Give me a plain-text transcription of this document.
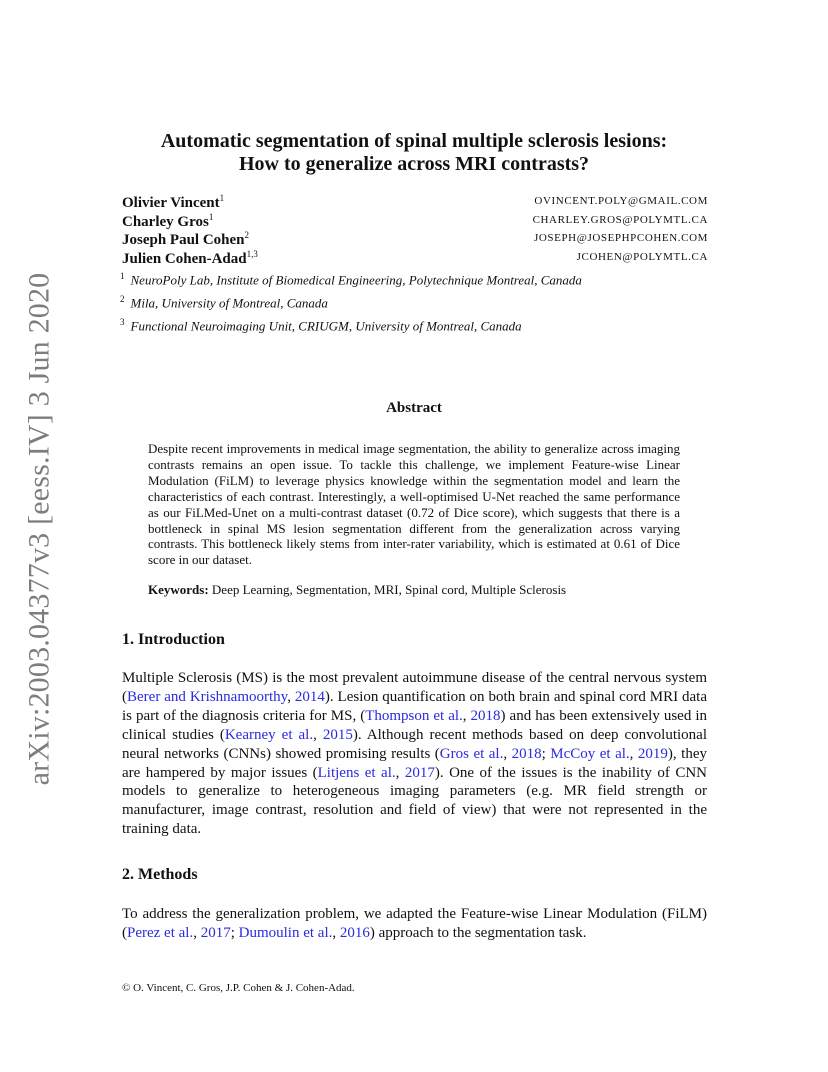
arXiv:2003.04377v3 [eess.IV] 3 Jun 2020
Automatic segmentation of spinal multiple sclerosis lesions:
How to generalize across MRI contrasts?
Olivier Vincent$^1$	OVINCENT.POLY@GMAIL.COM
Charley Gros$^1$	CHARLEY.GROS@POLYMTL.CA
Joseph Paul Cohen$^2$	JOSEPH@JOSEPHPCOHEN.COM
Julien Cohen-Adad$^{1,3}$	JCOHEN@POLYMTL.CA
$^1$ NeuroPoly Lab, Institute of Biomedical Engineering, Polytechnique Montreal, Canada
$^2$ Mila, University of Montreal, Canada
$^3$ Functional Neuroimaging Unit, CRIUGM, University of Montreal, Canada
Abstract

Despite recent improvements in medical image segmentation, the ability to generalize across imaging contrasts remains an open issue. To tackle this challenge, we implement Feature-wise Linear Modulation (FiLM) to leverage physics knowledge within the segmentation model and learn the characteristics of each contrast. Interestingly, a well-optimised U-Net reached the same performance as our FiLMed-Unet on a multi-contrast dataset (0.72 of Dice score), which suggests that there is a bottleneck in spinal MS lesion segmentation different from the generalization across varying contrasts. This bottleneck likely stems from inter-rater variability, which is estimated at 0.61 of Dice score in our dataset.

Keywords: Deep Learning, Segmentation, MRI, Spinal cord, Multiple Sclerosis
1. Introduction

Multiple Sclerosis (MS) is the most prevalent autoimmune disease of the central nervous system (Berer and Krishnamoorthy, 2014). Lesion quantification on both brain and spinal cord MRI data is part of the diagnosis criteria for MS, (Thompson et al., 2018) and has been extensively used in clinical studies (Kearney et al., 2015). Although recent methods based on deep convolutional neural networks (CNNs) showed promising results (Gros et al., 2018; McCoy et al., 2019), they are hampered by major issues (Litjens et al., 2017). One of the issues is the inability of CNN models to generalize to heterogeneous imaging parameters (e.g. MR field strength or manufacturer, image contrast, resolution and field of view) that were not represented in the training data.

2. Methods

To address the generalization problem, we adapted the Feature-wise Linear Modulation (FiLM) (Perez et al., 2017; Dumoulin et al., 2016) approach to the segmentation task.

© O. Vincent, C. Gros, J.P. Cohen & J. Cohen-Adad.
